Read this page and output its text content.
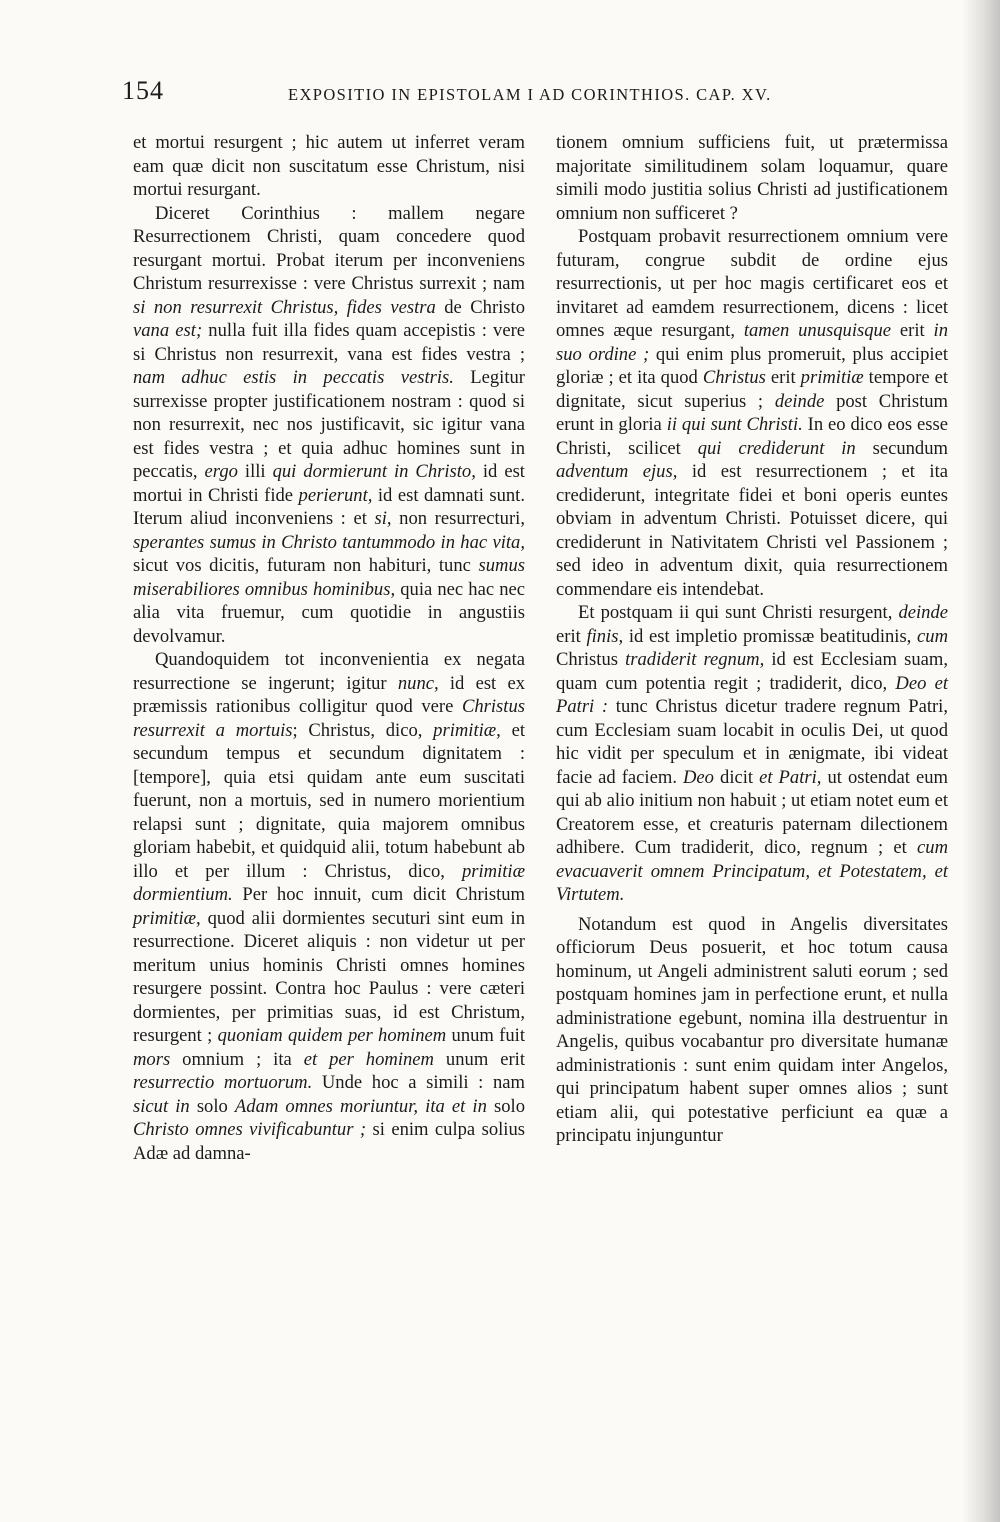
154	EXPOSITIO IN EPISTOLAM I AD CORINTHIOS. CAP. XV.

et mortui resurgent ; hic autem ut inferret veram eam quæ dicit non suscitatum esse Christum, nisi mortui resurgant.

Diceret Corinthius : mallem negare Resurrectionem Christi, quam concedere quod resurgant mortui. Probat iterum per inconveniens Christum resurrexisse : vere Christus surrexit ; nam si non resurrexit Christus, fides vestra de Christo vana est; nulla fuit illa fides quam accepistis : vere si Christus non resurrexit, vana est fides vestra ; nam adhuc estis in peccatis vestris. Legitur surrexisse propter justificationem nostram : quod si non resurrexit, nec nos justificavit, sic igitur vana est fides vestra ; et quia adhuc homines sunt in peccatis, ergo illi qui dormierunt in Christo, id est mortui in Christi fide perierunt, id est damnati sunt. Iterum aliud inconveniens : et si, non resurrecturi, sperantes sumus in Christo tantummodo in hac vita, sicut vos dicitis, futuram non habituri, tunc sumus miserabiliores omnibus hominibus, quia nec hac nec alia vita fruemur, cum quotidie in angustiis devolvamur.

Quandoquidem tot inconvenientia ex negata resurrectione se ingerunt; igitur nunc, id est ex præmissis rationibus colligitur quod vere Christus resurrexit a mortuis; Christus, dico, primitiæ, et secundum tempus et secundum dignitatem : [tempore], quia etsi quidam ante eum suscitati fuerunt, non a mortuis, sed in numero morientium relapsi sunt ; dignitate, quia majorem omnibus gloriam habebit, et quidquid alii, totum habebunt ab illo et per illum : Christus, dico, primitiæ dormientium. Per hoc innuit, cum dicit Christum primitiæ, quod alii dormientes secuturi sint eum in resurrectione. Diceret aliquis : non videtur ut per meritum unius hominis Christi omnes homines resurgere possint. Contra hoc Paulus : vere cæteri dormientes, per primitias suas, id est Christum, resurgent ; quoniam quidem per hominem unum fuit mors omnium ; ita et per hominem unum erit resurrectio mortuorum. Unde hoc a simili : nam sicut in solo Adam omnes moriuntur, ita et in solo Christo omnes vivificabuntur ; si enim culpa solius Adæ ad damna-

tionem omnium sufficiens fuit, ut prætermissa majoritate similitudinem solam loquamur, quare simili modo justitia solius Christi ad justificationem omnium non sufficeret ?

Postquam probavit resurrectionem omnium vere futuram, congrue subdit de ordine ejus resurrectionis, ut per hoc magis certificaret eos et invitaret ad eamdem resurrectionem, dicens : licet omnes æque resurgant, tamen unusquisque erit in suo ordine ; qui enim plus promeruit, plus accipiet gloriæ ; et ita quod Christus erit primitiæ tempore et dignitate, sicut superius ; deinde post Christum erunt in gloria ii qui sunt Christi. In eo dico eos esse Christi, scilicet qui crediderunt in secundum adventum ejus, id est resurrectionem ; et ita crediderunt, integritate fidei et boni operis euntes obviam in adventum Christi. Potuisset dicere, qui crediderunt in Nativitatem Christi vel Passionem ; sed ideo in adventum dixit, quia resurrectionem commendare eis intendebat.

Et postquam ii qui sunt Christi resurgent, deinde erit finis, id est impletio promissæ beatitudinis, cum Christus tradiderit regnum, id est Ecclesiam suam, quam cum potentia regit ; tradiderit, dico, Deo et Patri : tunc Christus dicetur tradere regnum Patri, cum Ecclesiam suam locabit in oculis Dei, ut quod hic vidit per speculum et in ænigmate, ibi videat facie ad faciem. Deo dicit et Patri, ut ostendat eum qui ab alio initium non habuit ; ut etiam notet eum et Creatorem esse, et creaturis paternam dilectionem adhibere. Cum tradiderit, dico, regnum ; et cum evacuaverit omnem Principatum, et Potestatem, et Virtutem.

Notandum est quod in Angelis diversitates officiorum Deus posuerit, et hoc totum causa hominum, ut Angeli administrent saluti eorum ; sed postquam homines jam in perfectione erunt, et nulla administratione egebunt, nomina illa destruentur in Angelis, quibus vocabantur pro diversitate humanæ administrationis : sunt enim quidam inter Angelos, qui principatum habent super omnes alios ; sunt etiam alii, qui potestative perficiunt ea quæ a principatu injunguntur
